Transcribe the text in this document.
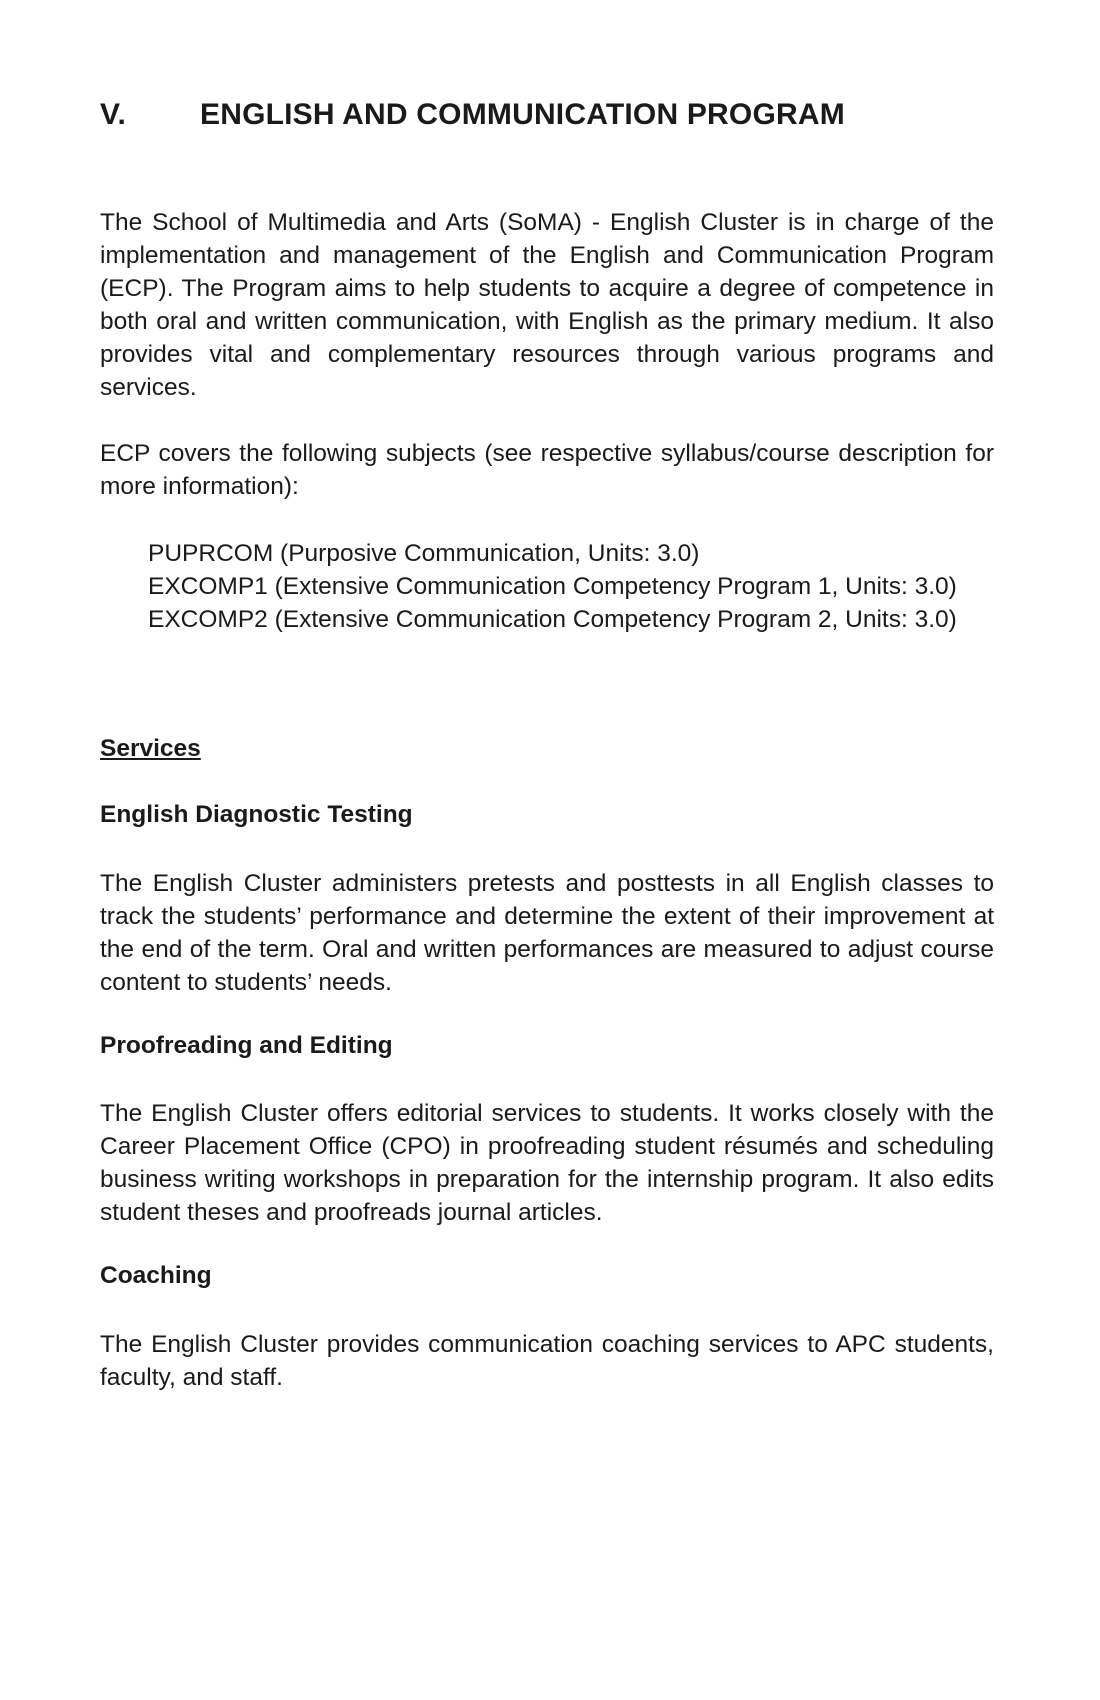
V. ENGLISH AND COMMUNICATION PROGRAM

The School of Multimedia and Arts (SoMA) - English Cluster is in charge of the implementation and management of the English and Communication Program (ECP). The Program aims to help students to acquire a degree of competence in both oral and written communication, with English as the primary medium. It also provides vital and complementary resources through various programs and services.

ECP covers the following subjects (see respective syllabus/course description for more information):

PUPRCOM (Purposive Communication, Units: 3.0)
EXCOMP1 (Extensive Communication Competency Program 1, Units: 3.0)
EXCOMP2 (Extensive Communication Competency Program 2, Units: 3.0)

Services

English Diagnostic Testing

The English Cluster administers pretests and posttests in all English classes to track the students’ performance and determine the extent of their improvement at the end of the term. Oral and written performances are measured to adjust course content to students’ needs.

Proofreading and Editing

The English Cluster offers editorial services to students. It works closely with the Career Placement Office (CPO) in proofreading student résumés and scheduling business writing workshops in preparation for the internship program. It also edits student theses and proofreads journal articles.

Coaching

The English Cluster provides communication coaching services to APC students, faculty, and staff.
